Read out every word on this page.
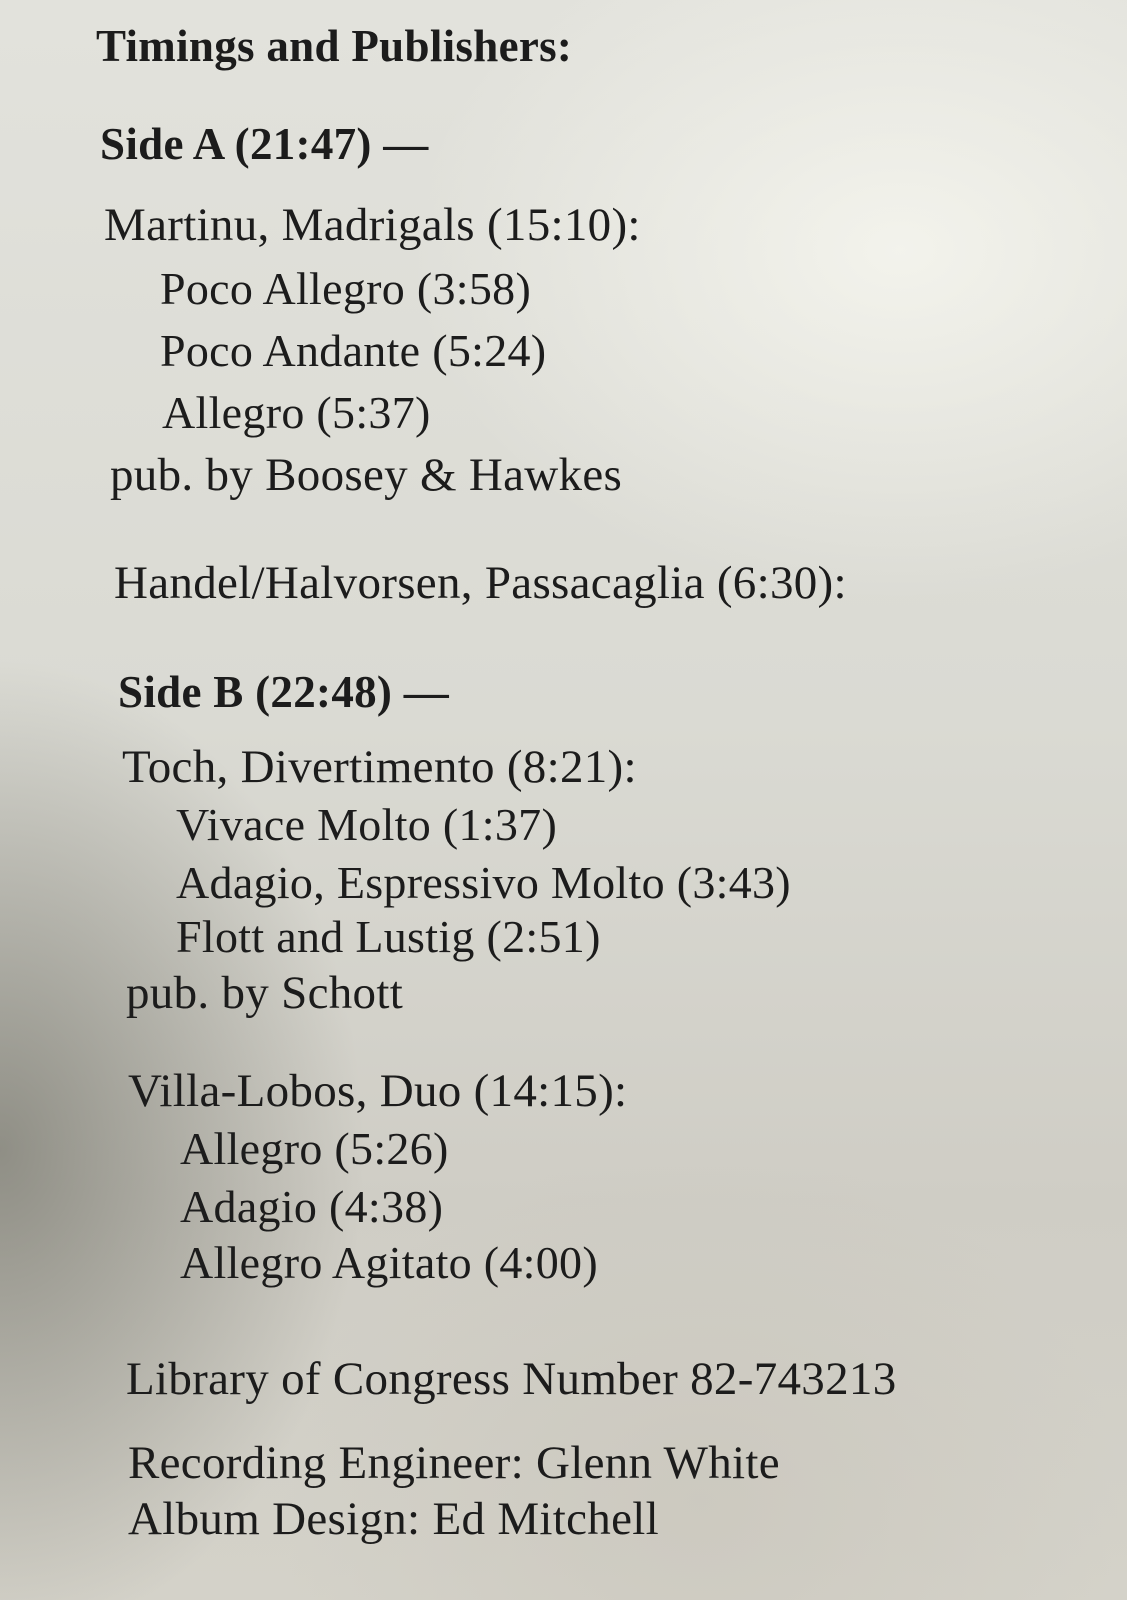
Timings and Publishers:
Side A (21:47) —
Martinu, Madrigals (15:10):
Poco Allegro (3:58)
Poco Andante (5:24)
Allegro (5:37)
pub. by Boosey & Hawkes
Handel/Halvorsen, Passacaglia (6:30):
Side B (22:48) —
Toch, Divertimento (8:21):
Vivace Molto (1:37)
Adagio, Espressivo Molto (3:43)
Flott and Lustig (2:51)
pub. by Schott
Villa-Lobos, Duo (14:15):
Allegro (5:26)
Adagio (4:38)
Allegro Agitato (4:00)
Library of Congress Number 82-743213
Recording Engineer: Glenn White
Album Design: Ed Mitchell
